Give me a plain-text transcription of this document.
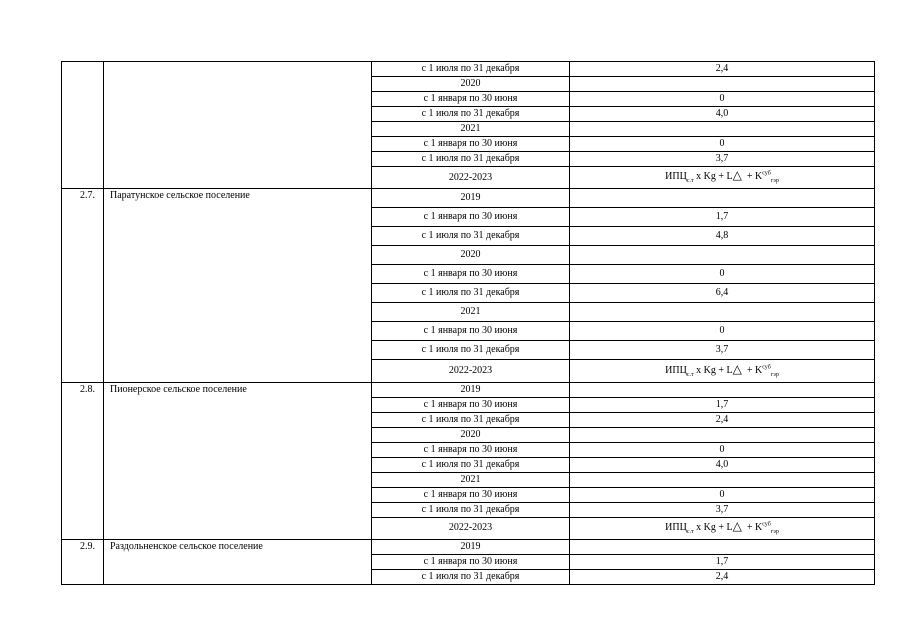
		с 1 июля по 31 декабря	2,4
		2020	
		с 1 января по 30 июня	0
		с 1 июля по 31 декабря	4,0
		2021	
		с 1 января по 30 июня	0
		с 1 июля по 31 декабря	3,7
		2022-2023	$ИПЦ_{с.т}$ x Kg + L△  + $K^{суб}_{гэр}$
2.7.	Паратунское сельское поселение	2019	
		с 1 января по 30 июня	1,7
		с 1 июля по 31 декабря	4,8
		2020	
		с 1 января по 30 июня	0
		с 1 июля по 31 декабря	6,4
		2021	
		с 1 января по 30 июня	0
		с 1 июля по 31 декабря	3,7
		2022-2023	$ИПЦ_{с.т}$ x Kg + L△  + $K^{суб}_{гэр}$
2.8.	Пионерское сельское поселение	2019	
		с 1 января по 30 июня	1,7
		с 1 июля по 31 декабря	2,4
		2020	
		с 1 января по 30 июня	0
		с 1 июля по 31 декабря	4,0
		2021	
		с 1 января по 30 июня	0
		с 1 июля по 31 декабря	3,7
		2022-2023	$ИПЦ_{с.т}$ x Kg + L△  + $K^{суб}_{гэр}$
2.9.	Раздольненское сельское поселение	2019	
		с 1 января по 30 июня	1,7
		с 1 июля по 31 декабря	2,4
